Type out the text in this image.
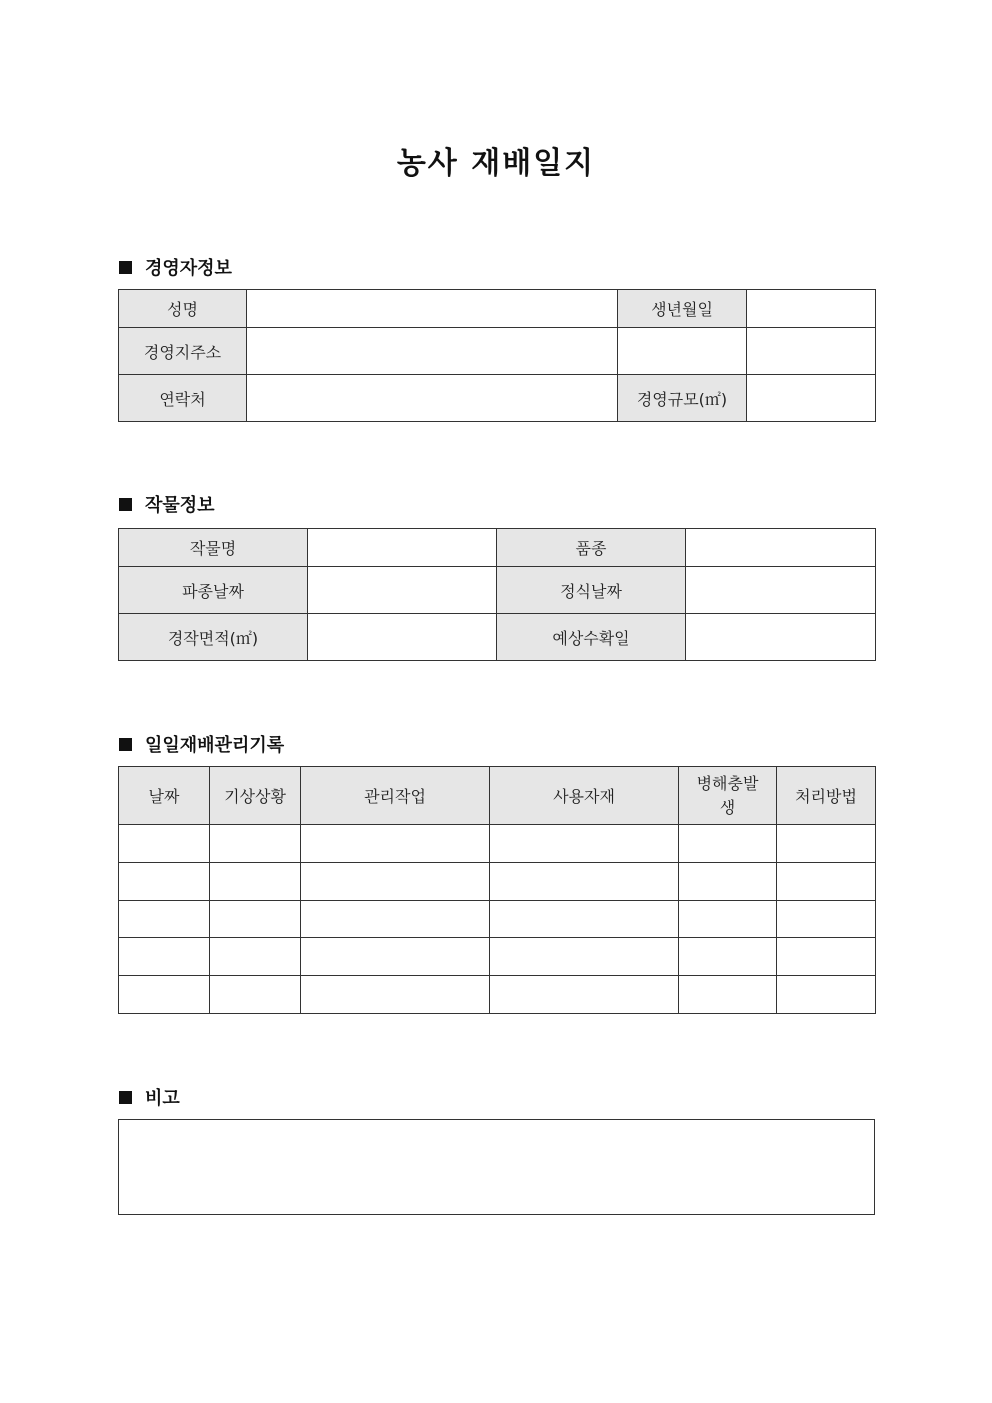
농사 재배일지
경영자정보
성명		생년월일	
경영지주소			
연락처		경영규모(㎡)	
작물정보
작물명		품종	
파종날짜		정식날짜	
경작면적(㎡)		예상수확일	
일일재배관리기록
날짜	기상상황	관리작업	사용자재	병해충발생	처리방법

비고
